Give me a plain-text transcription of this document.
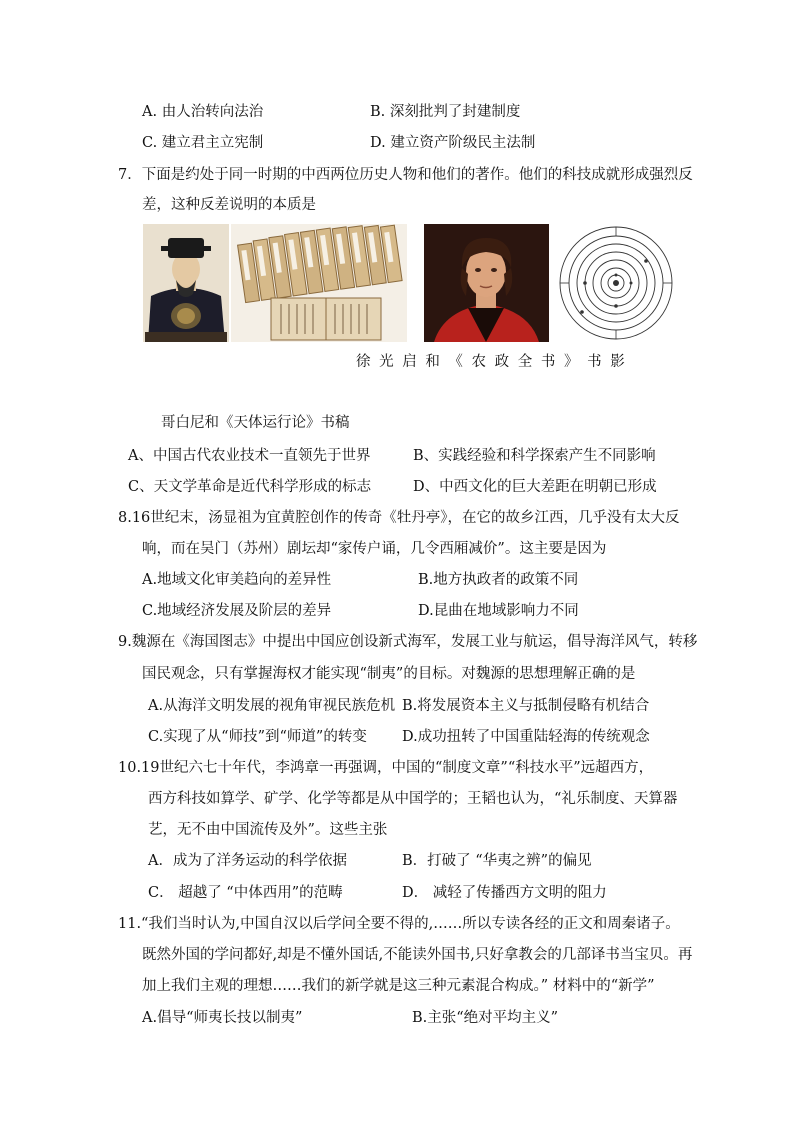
A. 由人治转向法治	B. 深刻批判了封建制度
C. 建立君主立宪制	D. 建立资产阶级民主法制
7．下面是约处于同一时期的中西两位历史人物和他们的著作。他们的科技成就形成强烈反
差，这种反差说明的本质是
徐 光 启 和 《 农 政 全 书 》 书 影
哥白尼和《天体运行论》书稿
A、中国古代农业技术一直领先于世界	B、实践经验和科学探索产生不同影响
C、天文学革命是近代科学形成的标志	D、中西文化的巨大差距在明朝已形成
8.16世纪末，汤显祖为宜黄腔创作的传奇《牡丹亭》，在它的故乡江西，几乎没有太大反
响，而在吴门（苏州）剧坛却“家传户诵，几令西厢减价”。这主要是因为
A.地域文化审美趋向的差异性	B.地方执政者的政策不同
C.地域经济发展及阶层的差异	D.昆曲在地域影响力不同
9.魏源在《海国图志》中提出中国应创设新式海军，发展工业与航运，倡导海洋风气，转移
国民观念，只有掌握海权才能实现“制夷”的目标。对魏源的思想理解正确的是
A.从海洋文明发展的视角审视民族危机 B.将发展资本主义与抵制侵略有机结合
C.实现了从“师技”到“师道”的转变 D.成功扭转了中国重陆轻海的传统观念
10.19世纪六七十年代，李鸿章一再强调，中国的“制度文章”“科技水平”远超西方，
西方科技如算学、矿学、化学等都是从中国学的；王韬也认为，“礼乐制度、天算器
艺，无不由中国流传及外”。这些主张
A．成为了洋务运动的科学依据	B．打破了 “华夷之辨”的偏见
C． 超越了 “中体西用”的范畴	D． 减轻了传播西方文明的阻力
11.“我们当时认为,中国自汉以后学问全要不得的,……所以专读各经的正文和周秦诸子。
既然外国的学问都好,却是不懂外国话,不能读外国书,只好拿教会的几部译书当宝贝。再
加上我们主观的理想……我们的新学就是这三种元素混合构成。” 材料中的“新学”
A.倡导“师夷长技以制夷”	B.主张“绝对平均主义”
